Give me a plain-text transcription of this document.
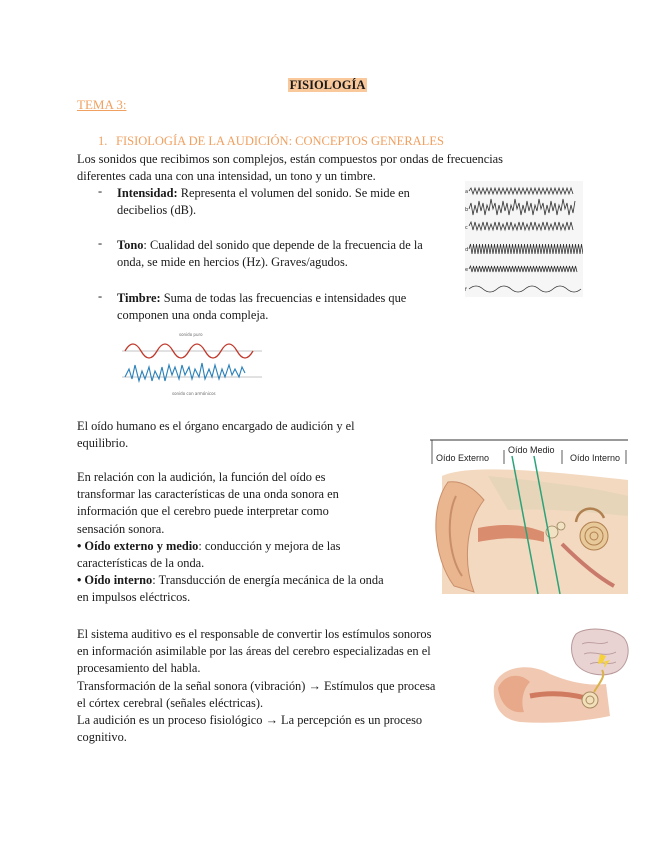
FISIOLOGÍA
TEMA 3:
1. FISIOLOGÍA DE LA AUDICIÓN: CONCEPTOS GENERALES
Los sonidos que recibimos son complejos, están compuestos por ondas de frecuencias
diferentes cada una con una intensidad, un tono y un timbre.
- Intensidad: Representa el volumen del sonido. Se mide en
decibelios (dB).
- Tono: Cualidad del sonido que depende de la frecuencia de la
onda, se mide en hercios (Hz). Graves/agudos.
- Timbre: Suma de todas las frecuencias e intensidades que
componen una onda compleja.
a
b
c
d
e
f
sonido puro
sonido con armónicos
El oído humano es el órgano encargado de audición y el
equilibrio.
En relación con la audición, la función del oído es
transformar las características de una onda sonora en
información que el cerebro puede interpretar como
sensación sonora.
• Oído externo y medio: conducción y mejora de las
características de la onda.
• Oído interno: Transducción de energía mecánica de la onda
en impulsos eléctricos.
Oído Externo
Oído Medio
Oído Interno
El sistema auditivo es el responsable de convertir los estímulos sonoros
en información asimilable por las áreas del cerebro especializadas en el
procesamiento del habla.
Transformación de la señal sonora (vibración) → Estímulos que procesa
el córtex cerebral (señales eléctricas).
La audición es un proceso fisiológico → La percepción es un proceso
cognitivo.
